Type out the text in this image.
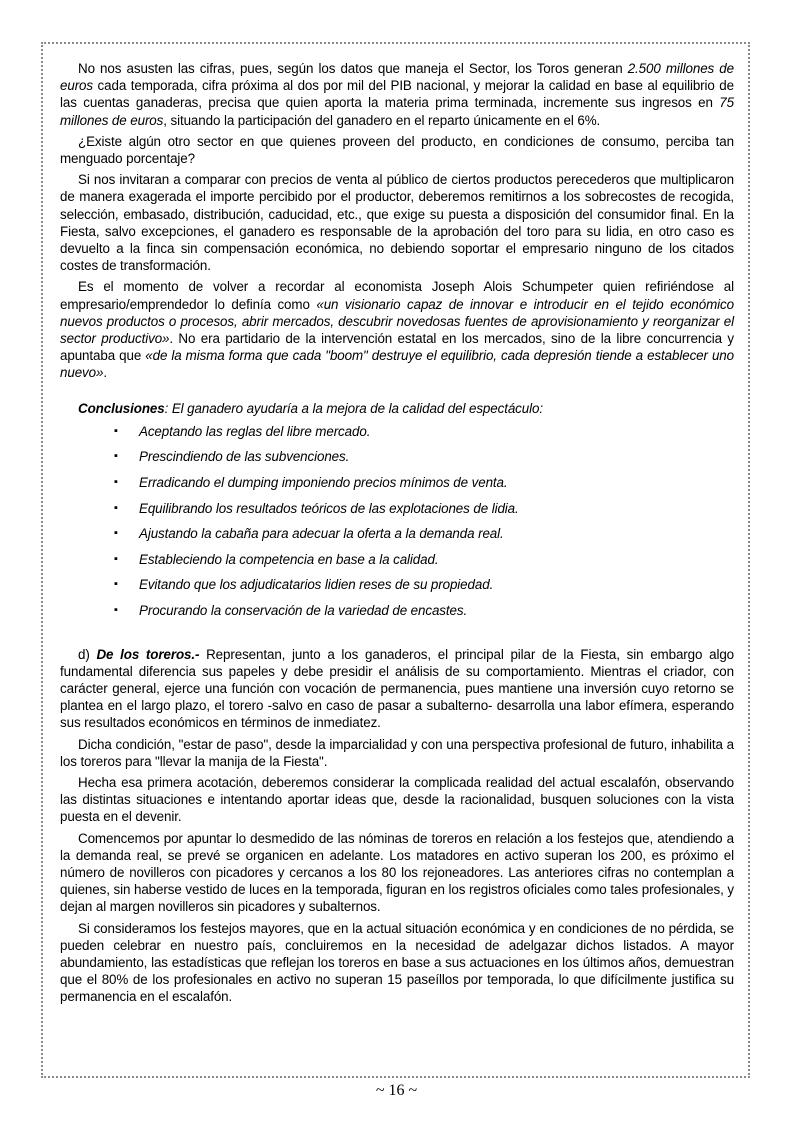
No nos asusten las cifras, pues, según los datos que maneja el Sector, los Toros generan 2.500 millones de euros cada temporada, cifra próxima al dos por mil del PIB nacional, y mejorar la calidad en base al equilibrio de las cuentas ganaderas, precisa que quien aporta la materia prima terminada, incremente sus ingresos en 75 millones de euros, situando la participación del ganadero en el reparto únicamente en el 6%.

¿Existe algún otro sector en que quienes proveen del producto, en condiciones de consumo, perciba tan menguado porcentaje?

Si nos invitaran a comparar con precios de venta al público de ciertos productos perecederos que multiplicaron de manera exagerada el importe percibido por el productor, deberemos remitirnos a los sobrecostes de recogida, selección, embasado, distribución, caducidad, etc., que exige su puesta a disposición del consumidor final. En la Fiesta, salvo excepciones, el ganadero es responsable de la aprobación del toro para su lidia, en otro caso es devuelto a la finca sin compensación económica, no debiendo soportar el empresario ninguno de los citados costes de transformación.

Es el momento de volver a recordar al economista Joseph Alois Schumpeter quien refiriéndose al empresario/emprendedor lo definía como «un visionario capaz de innovar e introducir en el tejido económico nuevos productos o procesos, abrir mercados, descubrir novedosas fuentes de aprovisionamiento y reorganizar el sector productivo». No era partidario de la intervención estatal en los mercados, sino de la libre concurrencia y apuntaba que «de la misma forma que cada "boom" destruye el equilibrio, cada depresión tiende a establecer uno nuevo».

Conclusiones: El ganadero ayudaría a la mejora de la calidad del espectáculo:
▪ Aceptando las reglas del libre mercado.
▪ Prescindiendo de las subvenciones.
▪ Erradicando el dumping imponiendo precios mínimos de venta.
▪ Equilibrando los resultados teóricos de las explotaciones de lidia.
▪ Ajustando la cabaña para adecuar la oferta a la demanda real.
▪ Estableciendo la competencia en base a la calidad.
▪ Evitando que los adjudicatarios lidien reses de su propiedad.
▪ Procurando la conservación de la variedad de encastes.

d) De los toreros.- Representan, junto a los ganaderos, el principal pilar de la Fiesta, sin embargo algo fundamental diferencia sus papeles y debe presidir el análisis de su comportamiento. Mientras el criador, con carácter general, ejerce una función con vocación de permanencia, pues mantiene una inversión cuyo retorno se plantea en el largo plazo, el torero -salvo en caso de pasar a subalterno- desarrolla una labor efímera, esperando sus resultados económicos en términos de inmediatez.

Dicha condición, "estar de paso", desde la imparcialidad y con una perspectiva profesional de futuro, inhabilita a los toreros para "llevar la manija de la Fiesta".

Hecha esa primera acotación, deberemos considerar la complicada realidad del actual escalafón, observando las distintas situaciones e intentando aportar ideas que, desde la racionalidad, busquen soluciones con la vista puesta en el devenir.

Comencemos por apuntar lo desmedido de las nóminas de toreros en relación a los festejos que, atendiendo a la demanda real, se prevé se organicen en adelante. Los matadores en activo superan los 200, es próximo el número de novilleros con picadores y cercanos a los 80 los rejoneadores. Las anteriores cifras no contemplan a quienes, sin haberse vestido de luces en la temporada, figuran en los registros oficiales como tales profesionales, y dejan al margen novilleros sin picadores y subalternos.

Si consideramos los festejos mayores, que en la actual situación económica y en condiciones de no pérdida, se pueden celebrar en nuestro país, concluiremos en la necesidad de adelgazar dichos listados. A mayor abundamiento, las estadísticas que reflejan los toreros en base a sus actuaciones en los últimos años, demuestran que el 80% de los profesionales en activo no superan 15 paseíllos por temporada, lo que difícilmente justifica su permanencia en el escalafón.

~ 16 ~
